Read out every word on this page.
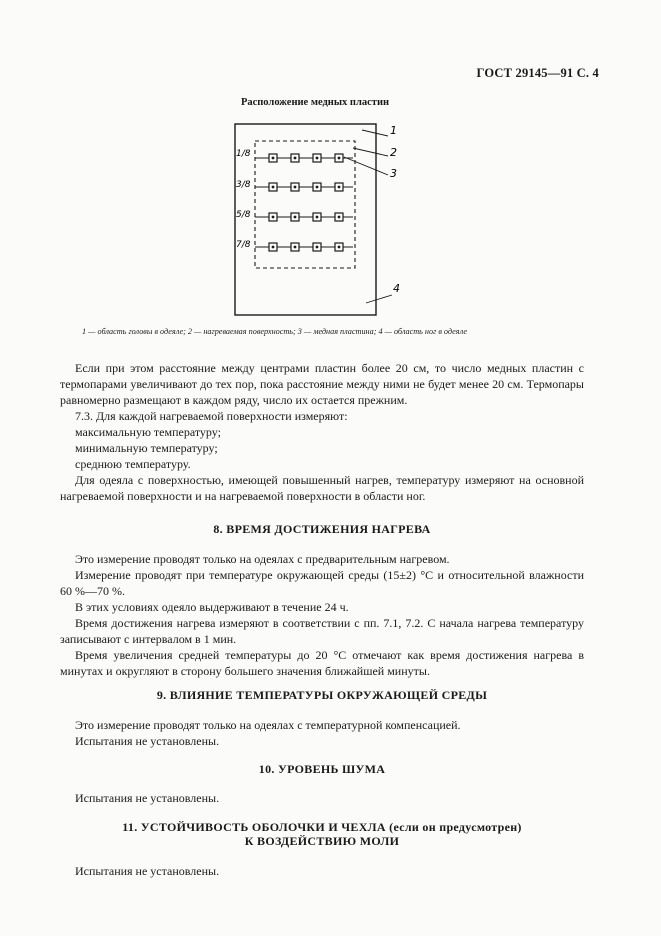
ГОСТ 29145—91 С. 4
Расположение медных пластин
1/8
3/8
5/8
7/8
1
2
3
4
1 — область головы в одеяле; 2 — нагреваемая поверхность; 3 — медная пластина; 4 — область ног в одеяле

Если при этом расстояние между центрами пластин более 20 см, то число медных пластин с термопарами увеличивают до тех пор, пока расстояние между ними не будет менее 20 см. Термопары равномерно размещают в каждом ряду, число их остается прежним.

7.3. Для каждой нагреваемой поверхности измеряют:

максимальную температуру;

минимальную температуру;

среднюю температуру.

Для одеяла с поверхностью, имеющей повышенный нагрев, температуру измеряют на основной нагреваемой поверхности и на нагреваемой поверхности в области ног.

8. ВРЕМЯ ДОСТИЖЕНИЯ НАГРЕВА

Это измерение проводят только на одеялах с предварительным нагревом.

Измерение проводят при температуре окружающей среды (15±2) °С и относительной влажности 60 %—70 %.

В этих условиях одеяло выдерживают в течение 24 ч.

Время достижения нагрева измеряют в соответствии с пп. 7.1, 7.2. С начала нагрева температуру записывают с интервалом в 1 мин.

Время увеличения средней температуры до 20 °С отмечают как время достижения нагрева в минутах и округляют в сторону большего значения ближайшей минуты.

9. ВЛИЯНИЕ ТЕМПЕРАТУРЫ ОКРУЖАЮЩЕЙ СРЕДЫ

Это измерение проводят только на одеялах с температурной компенсацией.

Испытания не установлены.

10. УРОВЕНЬ ШУМА

Испытания не установлены.

11. УСТОЙЧИВОСТЬ ОБОЛОЧКИ И ЧЕХЛА (если он предусмотрен)
К ВОЗДЕЙСТВИЮ МОЛИ

Испытания не установлены.
